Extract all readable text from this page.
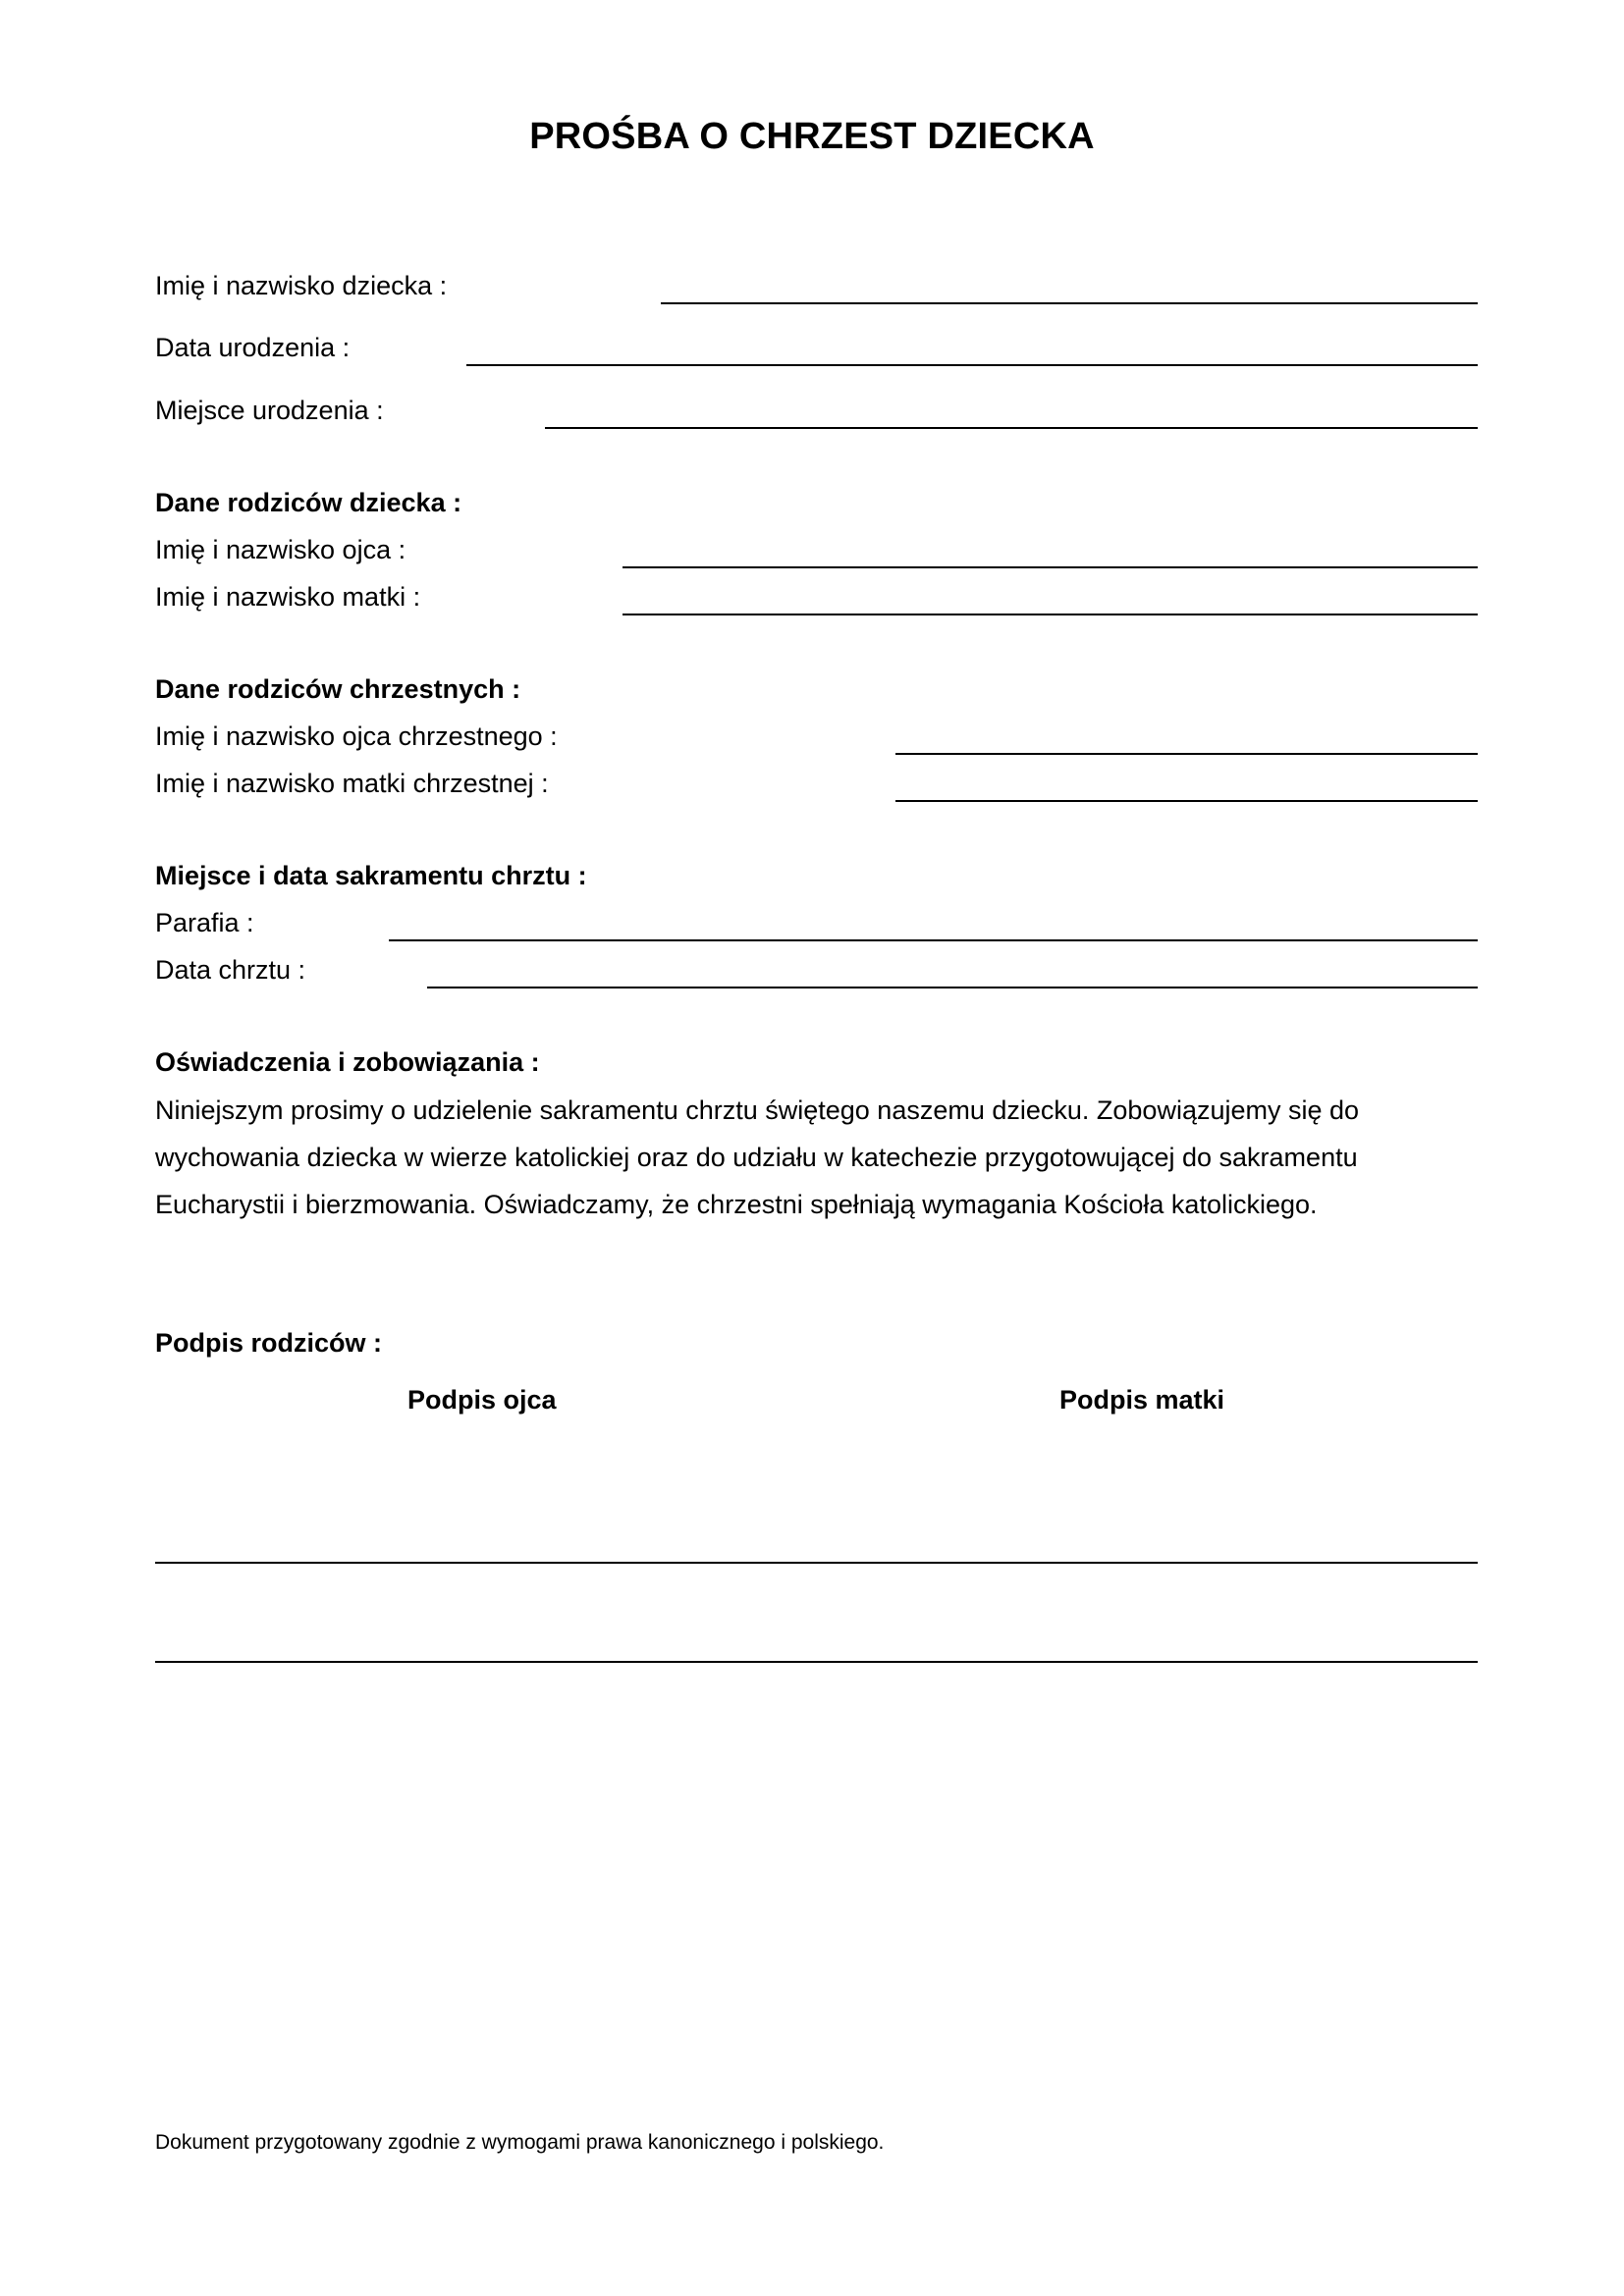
PROŚBA O CHRZEST DZIECKA
Imię i nazwisko dziecka :
Data urodzenia :
Miejsce urodzenia :
Dane rodziców dziecka :
Imię i nazwisko ojca :
Imię i nazwisko matki :
Dane rodziców chrzestnych :
Imię i nazwisko ojca chrzestnego :
Imię i nazwisko matki chrzestnej :
Miejsce i data sakramentu chrztu :
Parafia :
Data chrztu :
Oświadczenia i zobowiązania :
Niniejszym prosimy o udzielenie sakramentu chrztu świętego naszemu dziecku. Zobowiązujemy się do wychowania dziecka w wierze katolickiej oraz do udziału w katechezie przygotowującej do sakramentu Eucharystii i bierzmowania. Oświadczamy, że chrzestni spełniają wymagania Kościoła katolickiego.
Podpis rodziców :
Podpis ojca	Podpis matki
Dokument przygotowany zgodnie z wymogami prawa kanonicznego i polskiego.
